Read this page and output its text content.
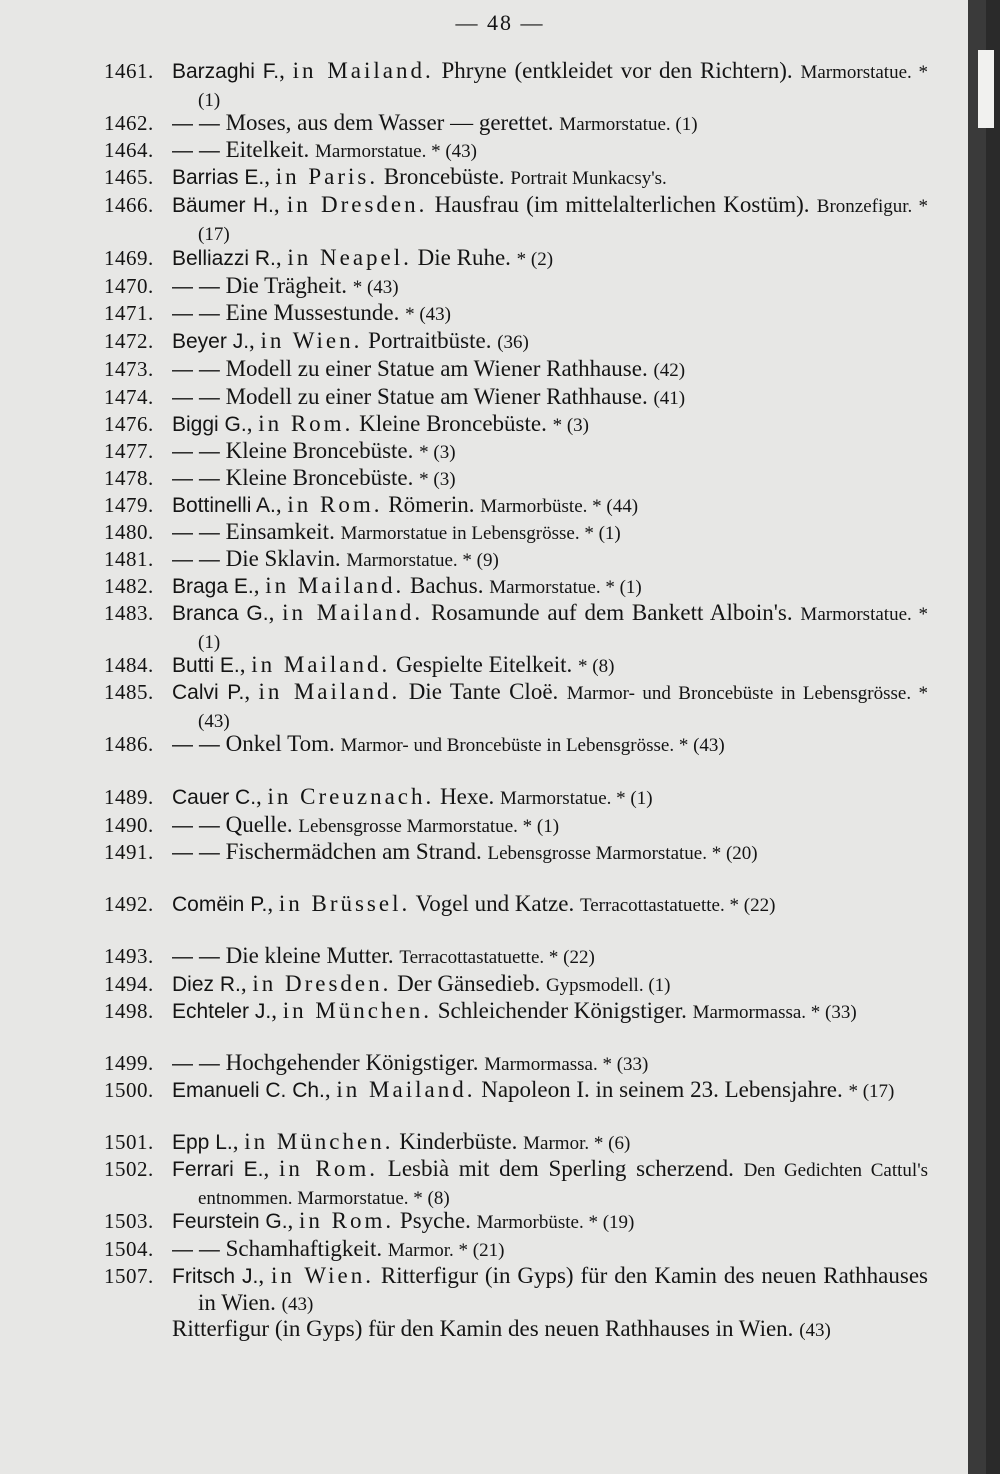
— 48 —
1461. Barzaghi F., in Mailand. Phryne (entkleidet vor den Richtern). Marmorstatue. * (1)
1462. — — Moses, aus dem Wasser — gerettet. Marmorstatue. (1)
1464. — — Eitelkeit. Marmorstatue. * (43)
1465. Barrias E., in Paris. Broncebüste. Portrait Munkacsy's.
1466. Bäumer H., in Dresden. Hausfrau (im mittelalterlichen Kostüm). Bronzefigur. * (17)
1469. Belliazzi R., in Neapel. Die Ruhe. * (2)
1470. — — Die Trägheit. * (43)
1471. — — Eine Mussestunde. * (43)
1472. Beyer J., in Wien. Portraitbüste. (36)
1473. — — Modell zu einer Statue am Wiener Rathhause. (42)
1474. — — Modell zu einer Statue am Wiener Rathhause. (41)
1476. Biggi G., in Rom. Kleine Broncebüste. * (3)
1477. — — Kleine Broncebüste. * (3)
1478. — — Kleine Broncebüste. * (3)
1479. Bottinelli A., in Rom. Römerin. Marmorbüste. * (44)
1480. — — Einsamkeit. Marmorstatue in Lebensgrösse. * (1)
1481. — — Die Sklavin. Marmorstatue. * (9)
1482. Braga E., in Mailand. Bachus. Marmorstatue. * (1)
1483. Branca G., in Mailand. Rosamunde auf dem Bankett Alboin's. Marmorstatue. * (1)
1484. Butti E., in Mailand. Gespielte Eitelkeit. * (8)
1485. Calvi P., in Mailand. Die Tante Cloë. Marmor- und Broncebüste in Lebensgrösse. * (43)
1486. — — Onkel Tom. Marmor- und Broncebüste in Lebensgrösse. * (43)
1489. Cauer C., in Creuznach. Hexe. Marmorstatue. * (1)
1490. — — Quelle. Lebensgrosse Marmorstatue. * (1)
1491. — — Fischermädchen am Strand. Lebensgrosse Marmorstatue. * (20)
1492. Comëin P., in Brüssel. Vogel und Katze. Terracottastatuette. * (22)
1493. — — Die kleine Mutter. Terracottastatuette. * (22)
1494. Diez R., in Dresden. Der Gänsedieb. Gypsmodell. (1)
1498. Echteler J., in München. Schleichender Königstiger. Marmormassa. * (33)
1499. — — Hochgehender Königstiger. Marmormassa. * (33)
1500. Emanueli C. Ch., in Mailand. Napoleon I. in seinem 23. Lebensjahre. * (17)
1501. Epp L., in München. Kinderbüste. Marmor. * (6)
1502. Ferrari E., in Rom. Lesbià mit dem Sperling scherzend. Den Gedichten Cattul's entnommen. Marmorstatue. * (8)
1503. Feurstein G., in Rom. Psyche. Marmorbüste. * (19)
1504. — — Schamhaftigkeit. Marmor. * (21)
1507. Fritsch J., in Wien. Ritterfigur (in Gyps) für den Kamin des neuen Rathhauses in Wien. (43)
Ritterfigur (in Gyps) für den Kamin des neuen Rathhauses in Wien. (43)
